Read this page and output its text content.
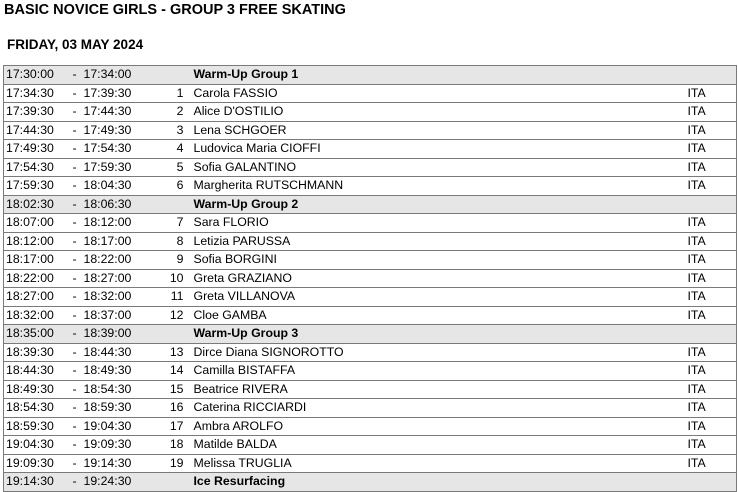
BASIC NOVICE GIRLS - GROUP 3 FREE SKATING
FRIDAY, 03 MAY 2024
17:30:00	-	17:34:00		Warm-Up Group 1	
17:34:30	-	17:39:30	1	Carola FASSIO	ITA
17:39:30	-	17:44:30	2	Alice D'OSTILIO	ITA
17:44:30	-	17:49:30	3	Lena SCHGOER	ITA
17:49:30	-	17:54:30	4	Ludovica Maria CIOFFI	ITA
17:54:30	-	17:59:30	5	Sofia GALANTINO	ITA
17:59:30	-	18:04:30	6	Margherita RUTSCHMANN	ITA
18:02:30	-	18:06:30		Warm-Up Group 2	
18:07:00	-	18:12:00	7	Sara FLORIO	ITA
18:12:00	-	18:17:00	8	Letizia PARUSSA	ITA
18:17:00	-	18:22:00	9	Sofia BORGINI	ITA
18:22:00	-	18:27:00	10	Greta GRAZIANO	ITA
18:27:00	-	18:32:00	11	Greta VILLANOVA	ITA
18:32:00	-	18:37:00	12	Cloe GAMBA	ITA
18:35:00	-	18:39:00		Warm-Up Group 3	
18:39:30	-	18:44:30	13	Dirce Diana SIGNOROTTO	ITA
18:44:30	-	18:49:30	14	Camilla BISTAFFA	ITA
18:49:30	-	18:54:30	15	Beatrice RIVERA	ITA
18:54:30	-	18:59:30	16	Caterina RICCIARDI	ITA
18:59:30	-	19:04:30	17	Ambra AROLFO	ITA
19:04:30	-	19:09:30	18	Matilde BALDA	ITA
19:09:30	-	19:14:30	19	Melissa TRUGLIA	ITA
19:14:30	-	19:24:30		Ice Resurfacing	
